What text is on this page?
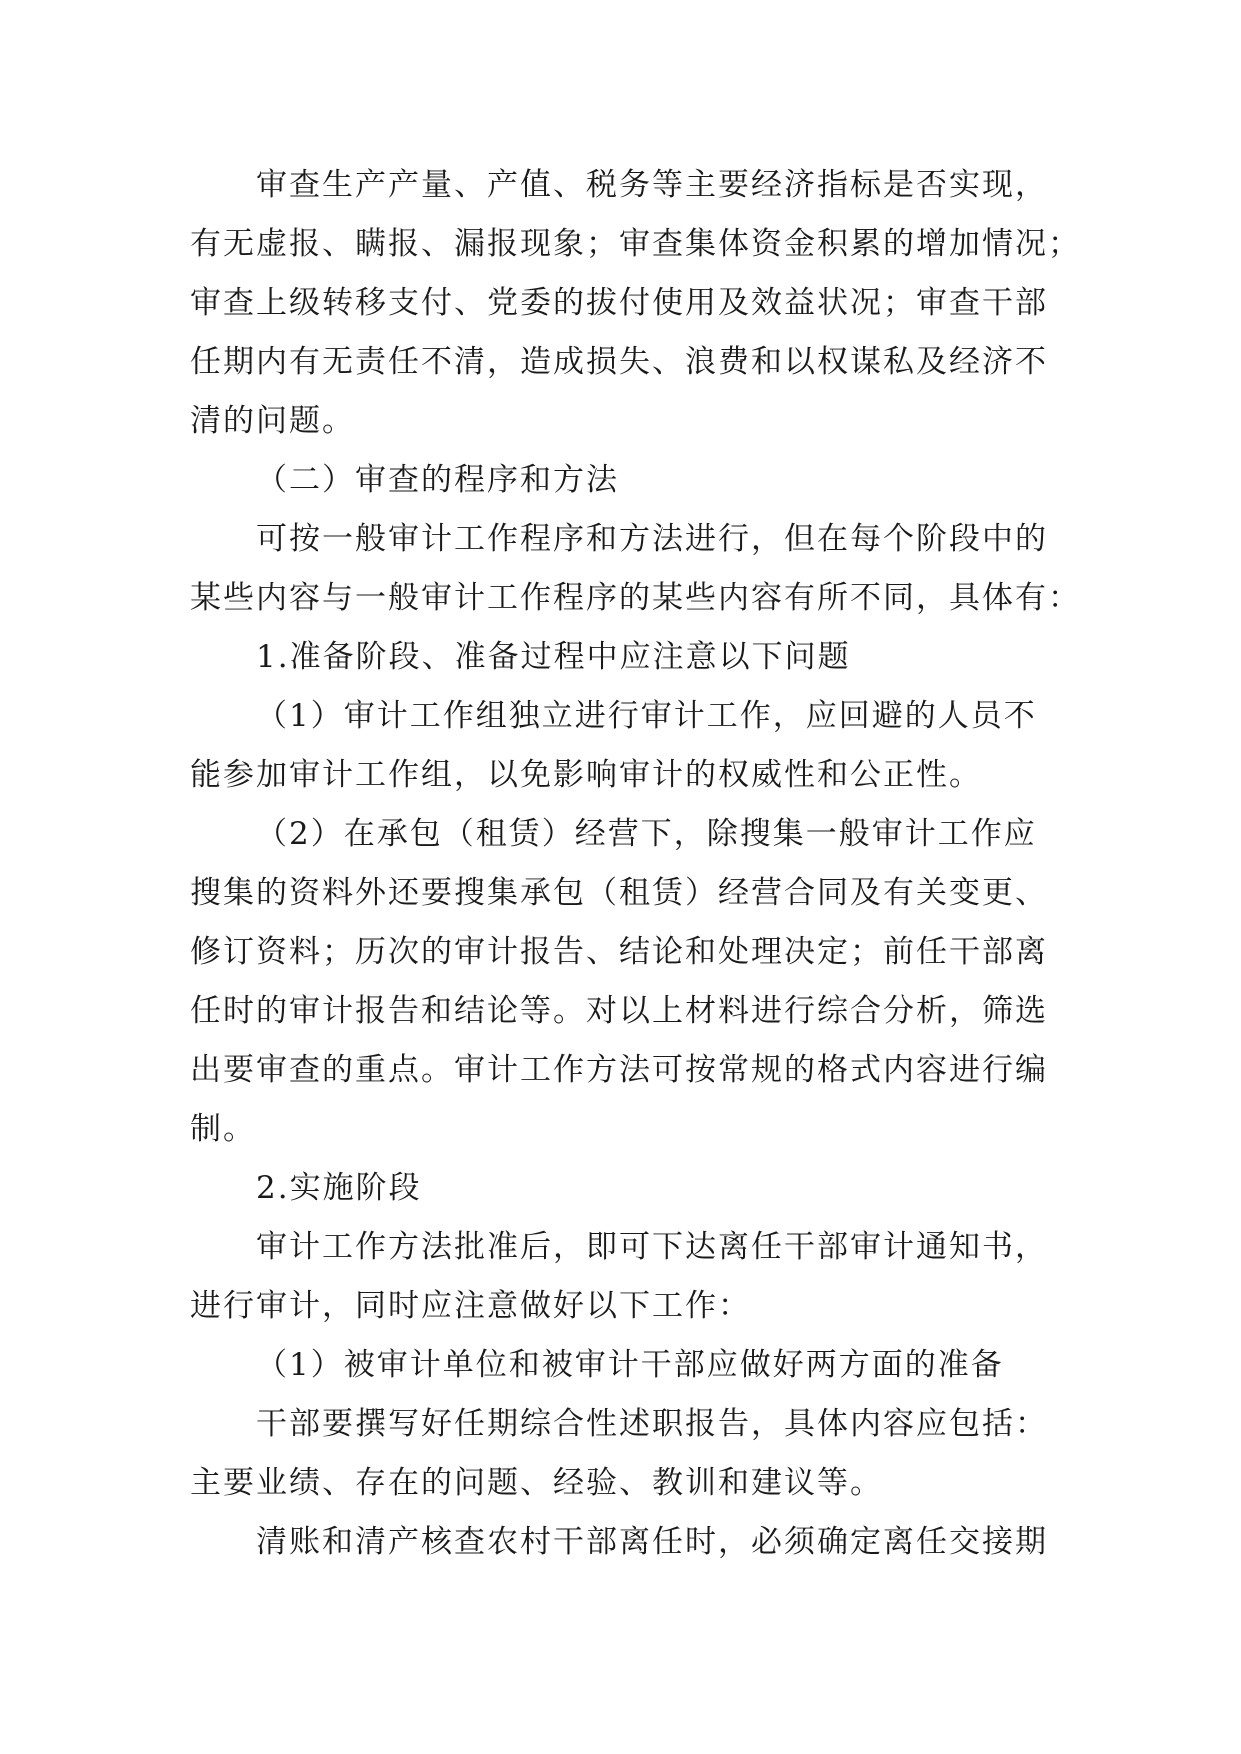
审查生产产量、产值、税务等主要经济指标是否实现，
有无虚报、瞒报、漏报现象；审查集体资金积累的增加情况；
审查上级转移支付、党委的拔付使用及效益状况；审查干部
任期内有无责任不清，造成损失、浪费和以权谋私及经济不
清的问题。
（二）审查的程序和方法
可按一般审计工作程序和方法进行，但在每个阶段中的
某些内容与一般审计工作程序的某些内容有所不同，具体有：
1.准备阶段、准备过程中应注意以下问题
（1）审计工作组独立进行审计工作，应回避的人员不
能参加审计工作组，以免影响审计的权威性和公正性。
（2）在承包（租赁）经营下，除搜集一般审计工作应
搜集的资料外还要搜集承包（租赁）经营合同及有关变更、
修订资料；历次的审计报告、结论和处理决定；前任干部离
任时的审计报告和结论等。对以上材料进行综合分析，筛选
出要审查的重点。审计工作方法可按常规的格式内容进行编
制。
2.实施阶段
审计工作方法批准后，即可下达离任干部审计通知书，
进行审计，同时应注意做好以下工作：
（1）被审计单位和被审计干部应做好两方面的准备
干部要撰写好任期综合性述职报告，具体内容应包括：
主要业绩、存在的问题、经验、教训和建议等。
清账和清产核查农村干部离任时，必须确定离任交接期
